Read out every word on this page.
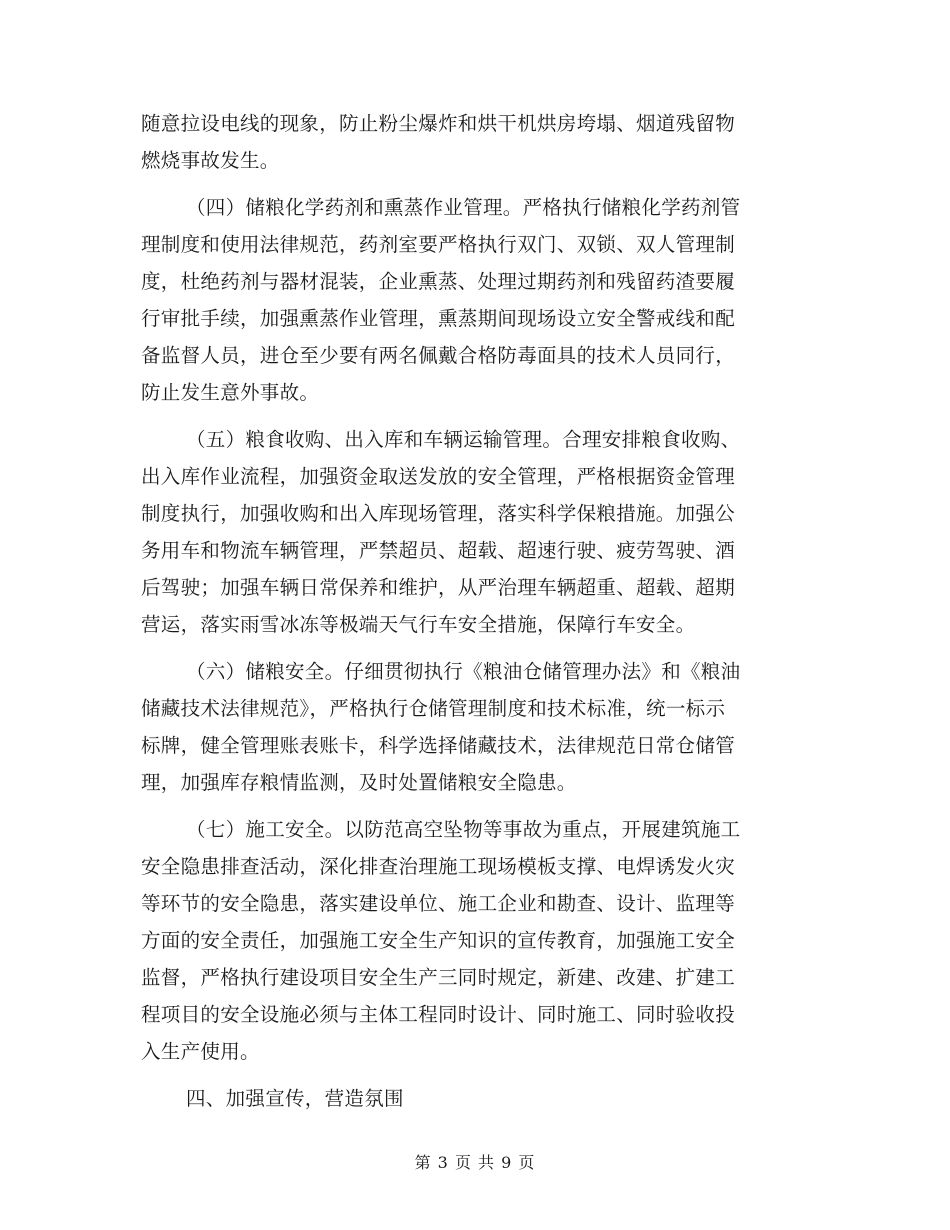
随意拉设电线的现象，防止粉尘爆炸和烘干机烘房垮塌、烟道残留物
燃烧事故发生。
（四）储粮化学药剂和熏蒸作业管理。严格执行储粮化学药剂管
理制度和使用法律规范，药剂室要严格执行双门、双锁、双人管理制
度，杜绝药剂与器材混装，企业熏蒸、处理过期药剂和残留药渣要履
行审批手续，加强熏蒸作业管理，熏蒸期间现场设立安全警戒线和配
备监督人员，进仓至少要有两名佩戴合格防毒面具的技术人员同行，
防止发生意外事故。
（五）粮食收购、出入库和车辆运输管理。合理安排粮食收购、
出入库作业流程，加强资金取送发放的安全管理，严格根据资金管理
制度执行，加强收购和出入库现场管理，落实科学保粮措施。加强公
务用车和物流车辆管理，严禁超员、超载、超速行驶、疲劳驾驶、酒
后驾驶；加强车辆日常保养和维护，从严治理车辆超重、超载、超期
营运，落实雨雪冰冻等极端天气行车安全措施，保障行车安全。
（六）储粮安全。仔细贯彻执行《粮油仓储管理办法》和《粮油
储藏技术法律规范》，严格执行仓储管理制度和技术标准，统一标示
标牌，健全管理账表账卡，科学选择储藏技术，法律规范日常仓储管
理，加强库存粮情监测，及时处置储粮安全隐患。
（七）施工安全。以防范高空坠物等事故为重点，开展建筑施工
安全隐患排查活动，深化排查治理施工现场模板支撑、电焊诱发火灾
等环节的安全隐患，落实建设单位、施工企业和勘查、设计、监理等
方面的安全责任，加强施工安全生产知识的宣传教育，加强施工安全
监督，严格执行建设项目安全生产三同时规定，新建、改建、扩建工
程项目的安全设施必须与主体工程同时设计、同时施工、同时验收投
入生产使用。
四、加强宣传，营造氛围
第 3 页 共 9 页
